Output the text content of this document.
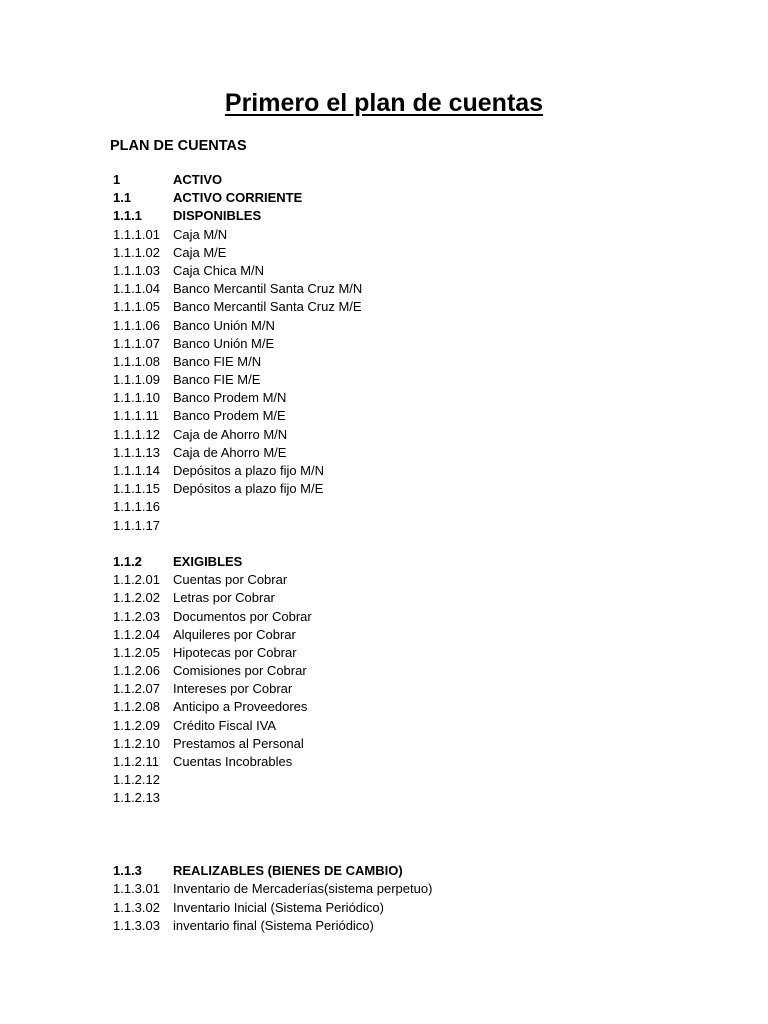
Primero el plan de cuentas
PLAN DE CUENTAS
1	ACTIVO
1.1	ACTIVO CORRIENTE
1.1.1 DISPONIBLES
1.1.1.01 Caja M/N
1.1.1.02 Caja M/E
1.1.1.03 Caja Chica M/N
1.1.1.04 Banco Mercantil Santa Cruz M/N
1.1.1.05 Banco Mercantil Santa Cruz M/E
1.1.1.06 Banco Unión M/N
1.1.1.07 Banco Unión M/E
1.1.1.08 Banco FIE M/N
1.1.1.09 Banco FIE M/E
1.1.1.10 Banco Prodem M/N
1.1.1.11 Banco Prodem M/E
1.1.1.12 Caja de Ahorro M/N
1.1.1.13 Caja de Ahorro M/E
1.1.1.14 Depósitos a plazo fijo M/N
1.1.1.15 Depósitos a plazo fijo M/E
1.1.1.16
1.1.1.17
1.1.2 EXIGIBLES
1.1.2.01 Cuentas por Cobrar
1.1.2.02 Letras por Cobrar
1.1.2.03 Documentos por Cobrar
1.1.2.04 Alquileres por Cobrar
1.1.2.05 Hipotecas por Cobrar
1.1.2.06 Comisiones por Cobrar
1.1.2.07 Intereses por Cobrar
1.1.2.08 Anticipo a Proveedores
1.1.2.09 Crédito Fiscal IVA
1.1.2.10 Prestamos al Personal
1.1.2.11 Cuentas Incobrables
1.1.2.12
1.1.2.13
1.1.3 REALIZABLES (BIENES DE CAMBIO)
1.1.3.01 Inventario de Mercaderías(sistema perpetuo)
1.1.3.02 Inventario Inicial (Sistema Periódico)
1.1.3.03 inventario final (Sistema Periódico)
